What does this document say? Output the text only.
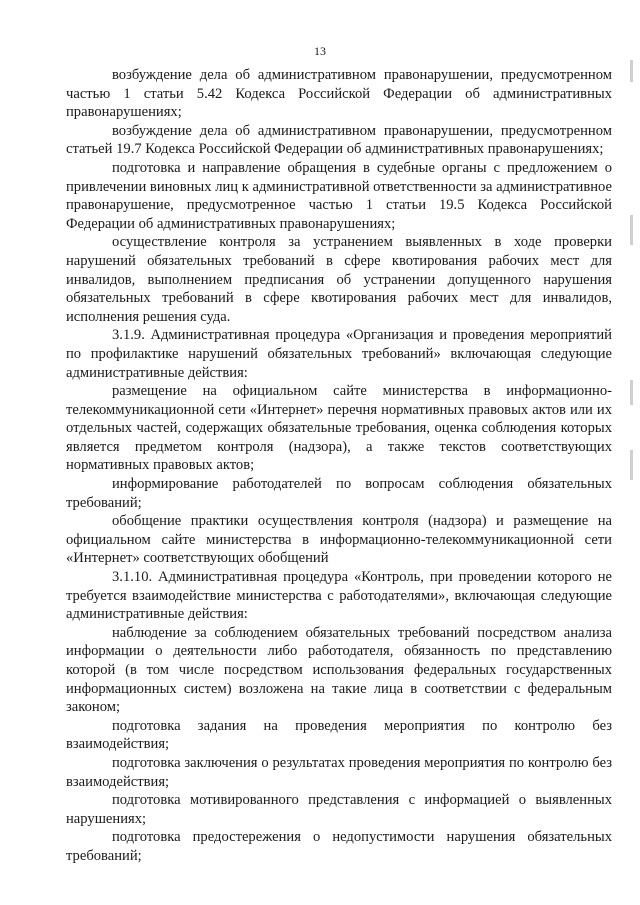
13

возбуждение дела об административном правонарушении, предусмотренном частью 1 статьи 5.42 Кодекса Российской Федерации об административных правонарушениях;

возбуждение дела об административном правонарушении, предусмотренном статьей 19.7 Кодекса Российской Федерации об административных правонарушениях;

подготовка и направление обращения в судебные органы с предложением о привлечении виновных лиц к административной ответственности за административное правонарушение, предусмотренное частью 1 статьи 19.5 Кодекса Российской Федерации об административных правонарушениях;

осуществление контроля за устранением выявленных в ходе проверки нарушений обязательных требований в сфере квотирования рабочих мест для инвалидов, выполнением предписания об устранении допущенного нарушения обязательных требований в сфере квотирования рабочих мест для инвалидов, исполнения решения суда.

3.1.9. Административная процедура «Организация и проведения мероприятий по профилактике нарушений обязательных требований» включающая следующие административные действия:

размещение на официальном сайте министерства в информационно-телекоммуникационной сети «Интернет» перечня нормативных правовых актов или их отдельных частей, содержащих обязательные требования, оценка соблюдения которых является предметом контроля (надзора), а также текстов соответствующих нормативных правовых актов;

информирование работодателей по вопросам соблюдения обязательных требований;

обобщение практики осуществления контроля (надзора) и размещение на официальном сайте министерства в информационно-телекоммуникационной сети «Интернет» соответствующих обобщений

3.1.10. Административная процедура «Контроль, при проведении которого не требуется взаимодействие министерства с работодателями», включающая следующие административные действия:

наблюдение за соблюдением обязательных требований посредством анализа информации о деятельности либо работодателя, обязанность по представлению которой (в том числе посредством использования федеральных государственных информационных систем) возложена на такие лица в соответствии с федеральным законом;

подготовка задания на проведения мероприятия по контролю без взаимодействия;

подготовка заключения о результатах проведения мероприятия по контролю без взаимодействия;

подготовка мотивированного представления с информацией о выявленных нарушениях;

подготовка предостережения о недопустимости нарушения обязательных требований;
